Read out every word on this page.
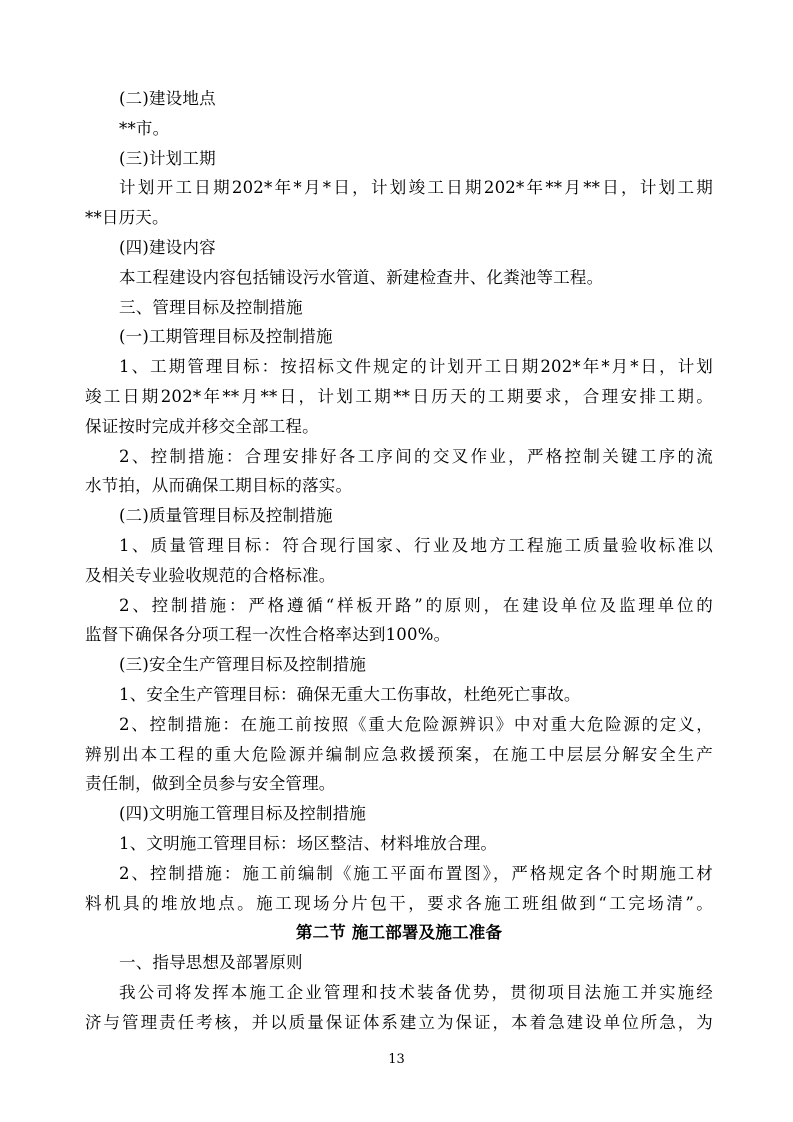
(二)建设地点
**市。
(三)计划工期
计划开工日期202*年*月*日，计划竣工日期202*年**月**日，计划工期
**日历天。
(四)建设内容
本工程建设内容包括铺设污水管道、新建检查井、化粪池等工程。
三、管理目标及控制措施
(一)工期管理目标及控制措施
1、工期管理目标：按招标文件规定的计划开工日期202*年*月*日，计划
竣工日期202*年**月**日，计划工期**日历天的工期要求，合理安排工期。
保证按时完成并移交全部工程。
2、控制措施：合理安排好各工序间的交叉作业，严格控制关键工序的流
水节拍，从而确保工期目标的落实。
(二)质量管理目标及控制措施
1、质量管理目标：符合现行国家、行业及地方工程施工质量验收标准以
及相关专业验收规范的合格标准。
2、控制措施：严格遵循“样板开路”的原则，在建设单位及监理单位的
监督下确保各分项工程一次性合格率达到100%。
(三)安全生产管理目标及控制措施
1、安全生产管理目标：确保无重大工伤事故，杜绝死亡事故。
2、控制措施：在施工前按照《重大危险源辨识》中对重大危险源的定义，
辨别出本工程的重大危险源并编制应急救援预案，在施工中层层分解安全生产
责任制，做到全员参与安全管理。
(四)文明施工管理目标及控制措施
1、文明施工管理目标：场区整洁、材料堆放合理。
2、控制措施：施工前编制《施工平面布置图》，严格规定各个时期施工材
料机具的堆放地点。施工现场分片包干，要求各施工班组做到“工完场清”。
第二节 施工部署及施工准备
一、指导思想及部署原则
我公司将发挥本施工企业管理和技术装备优势，贯彻项目法施工并实施经
济与管理责任考核，并以质量保证体系建立为保证，本着急建设单位所急，为
13
